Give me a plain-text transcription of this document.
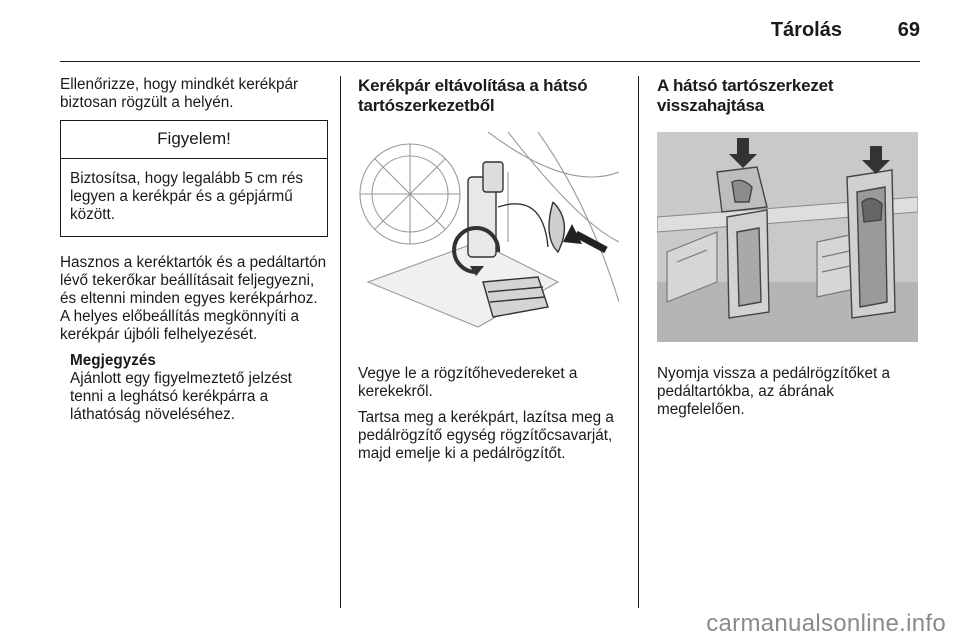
Tárolás	69

Ellenőrizze, hogy mindkét kerékpár biztosan rögzült a helyén.

Figyelem!
Biztosítsa, hogy legalább 5 cm rés legyen a kerékpár és a gépjármű között.

Hasznos a keréktartók és a pedáltartón lévő tekerőkar beállításait feljegyezni, és eltenni minden egyes kerékpárhoz. A helyes előbeállítás megkönnyíti a kerékpár újbóli felhelyezését.

Megjegyzés
Ajánlott egy figyelmeztető jelzést tenni a leghátsó kerékpárra a láthatóság növeléséhez.
Kerékpár eltávolítása a hátsó tartószerkezetből

Vegye le a rögzítőhevedereket a kerekekről.

Tartsa meg a kerékpárt, lazítsa meg a pedálrögzítő egység rögzítőcsavarját, majd emelje ki a pedálrögzítőt.

A hátsó tartószerkezet visszahajtása

Nyomja vissza a pedálrögzítőket a pedáltartókba, az ábrának megfelelően.

carmanualsonline.info
